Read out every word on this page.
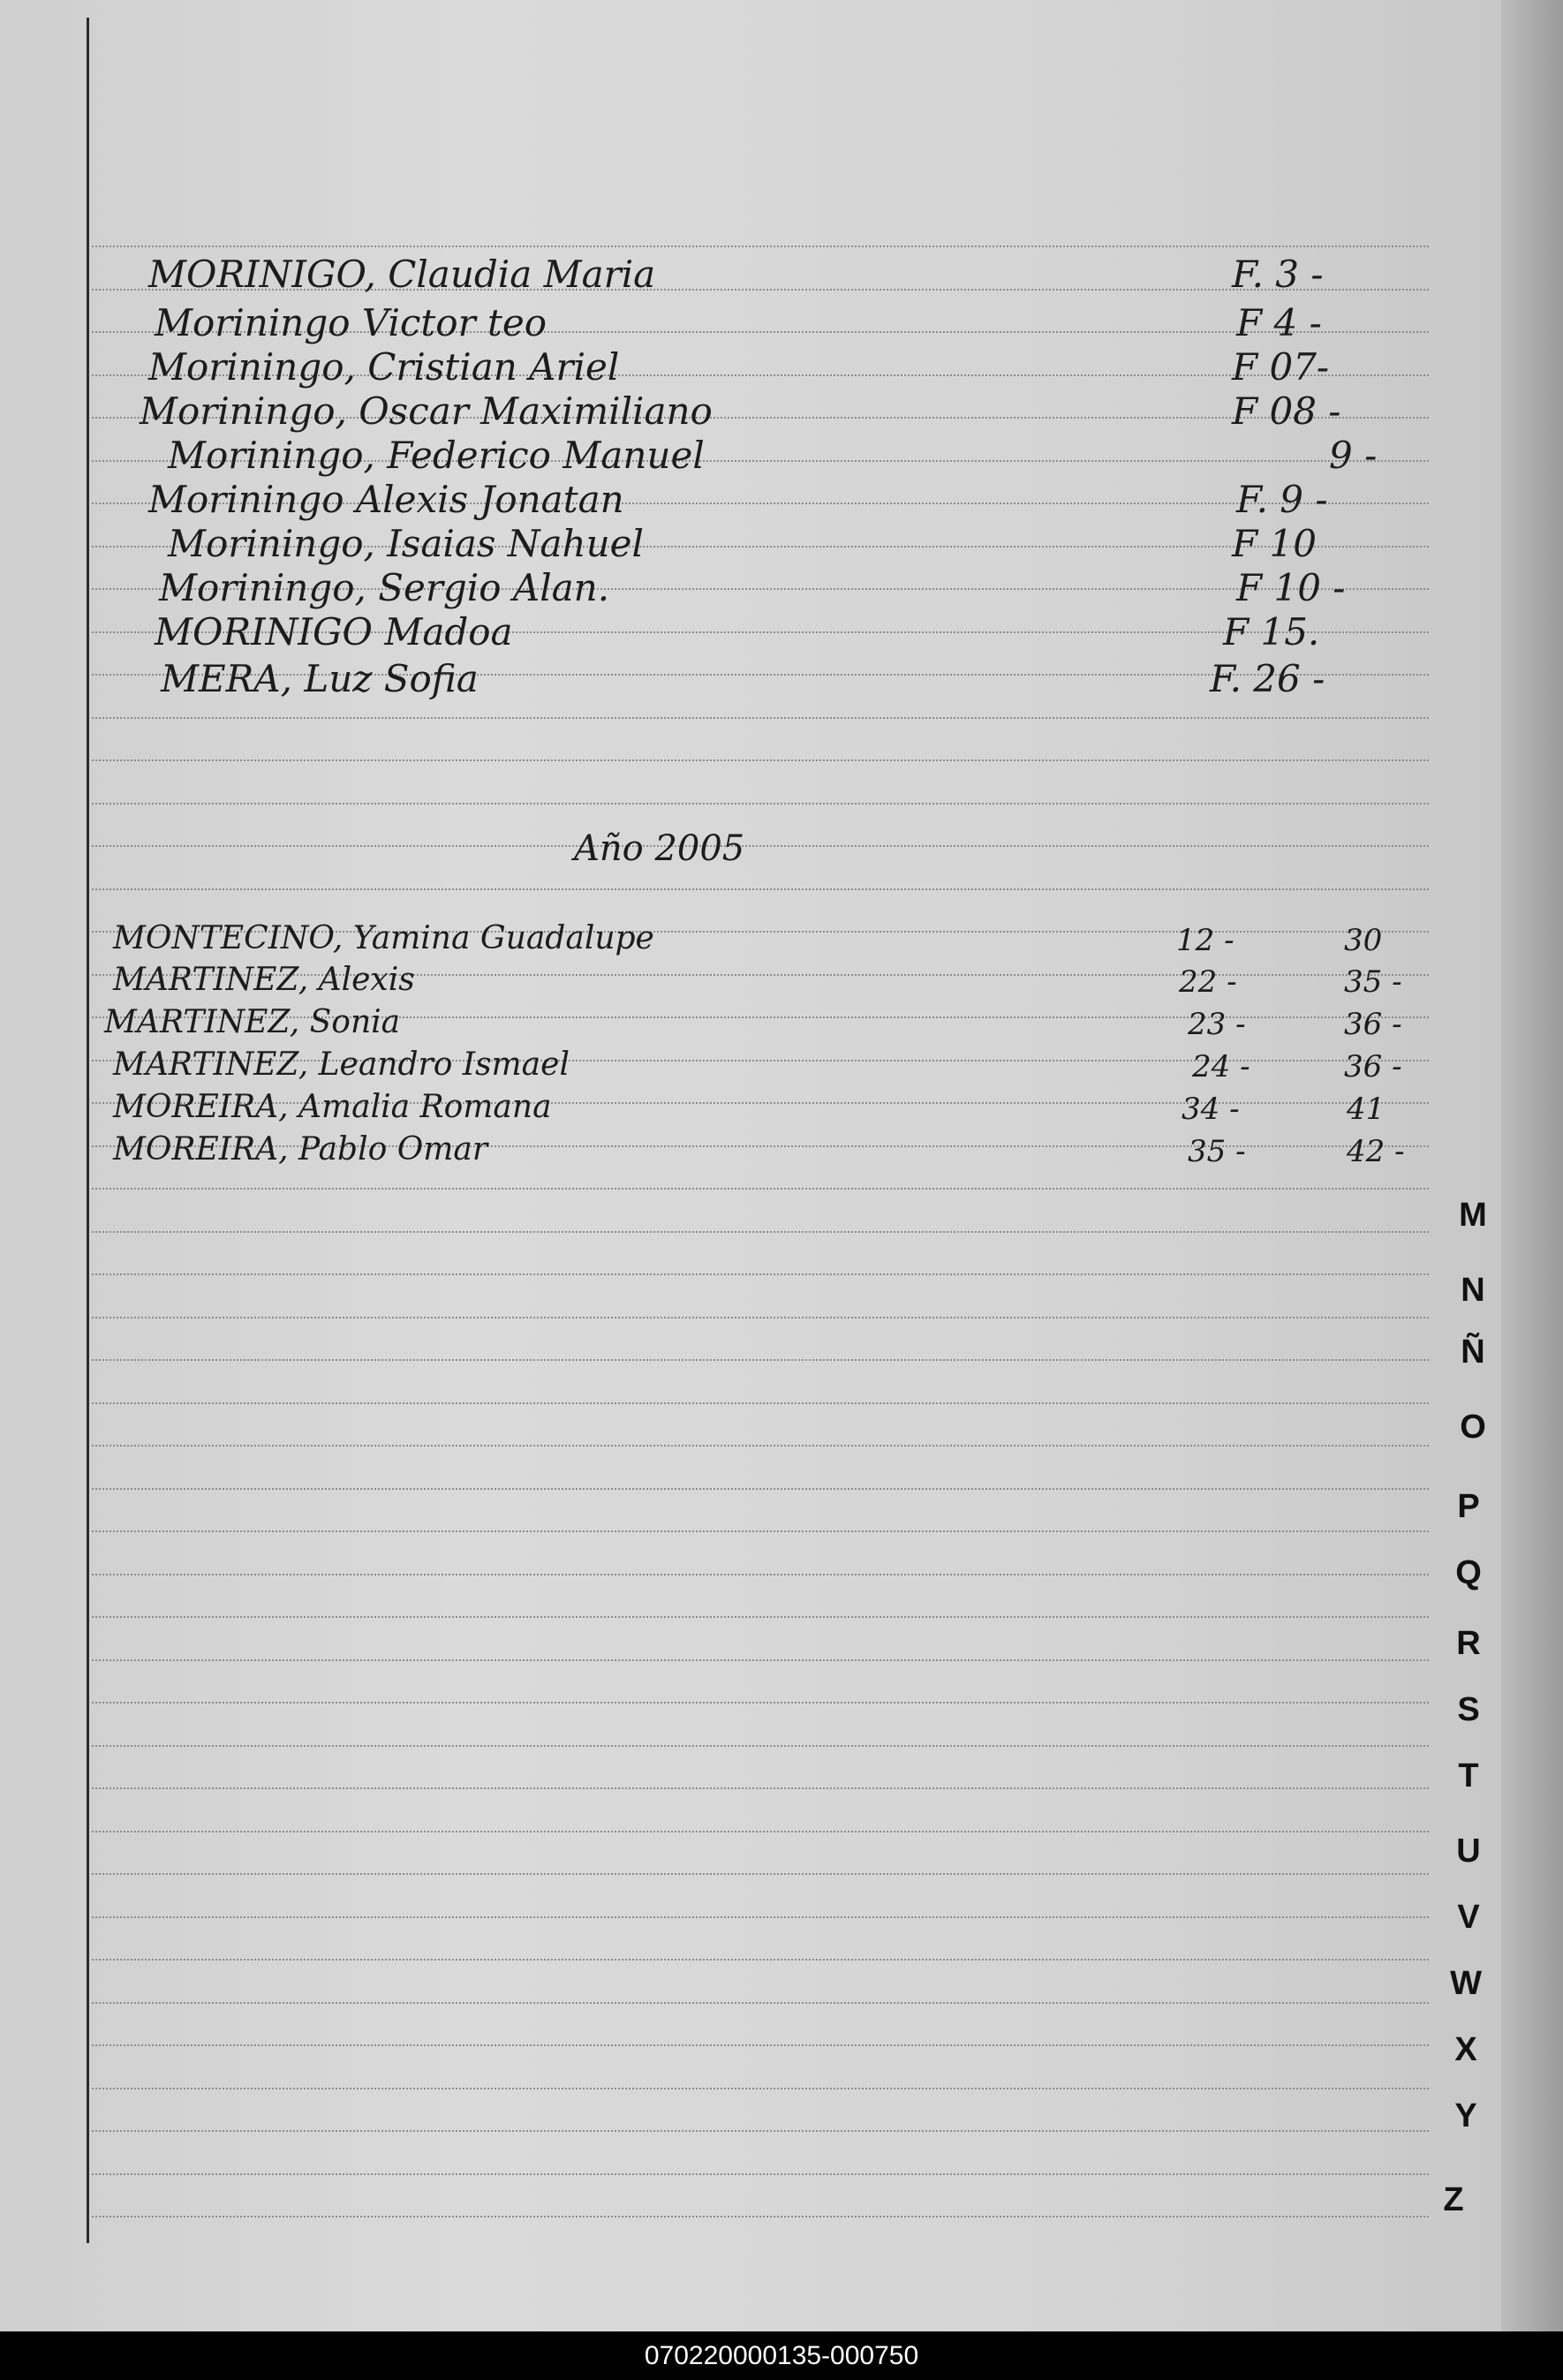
MORINIGO, Claudia Maria	F. 3 -
Moriningo Victor teo	F 4 -
Moriningo, Cristian Ariel	F 07-
Moriningo, Oscar Maximiliano	F 08 -
Moriningo, Federico Manuel	9 -
Moriningo Alexis Jonatan	F. 9 -
Moriningo, Isaias Nahuel	F 10
Moriningo, Sergio Alan.	F 10 -
MORINIGO Madoa	F 15.
MERA, Luz Sofia	F. 26 -
Año 2005
MONTECINO, Yamina Guadalupe	12 -	30
MARTINEZ, Alexis	22 -	35 -
MARTINEZ, Sonia	23 -	36 -
MARTINEZ, Leandro Ismael	24 -	36 -
MOREIRA, Amalia Romana	34 -	41
MOREIRA, Pablo Omar	35 -	42 -
M
N
Ñ
O
P
Q
R
S
T
U
V
W
X
Y
Z
070220000135-000750
